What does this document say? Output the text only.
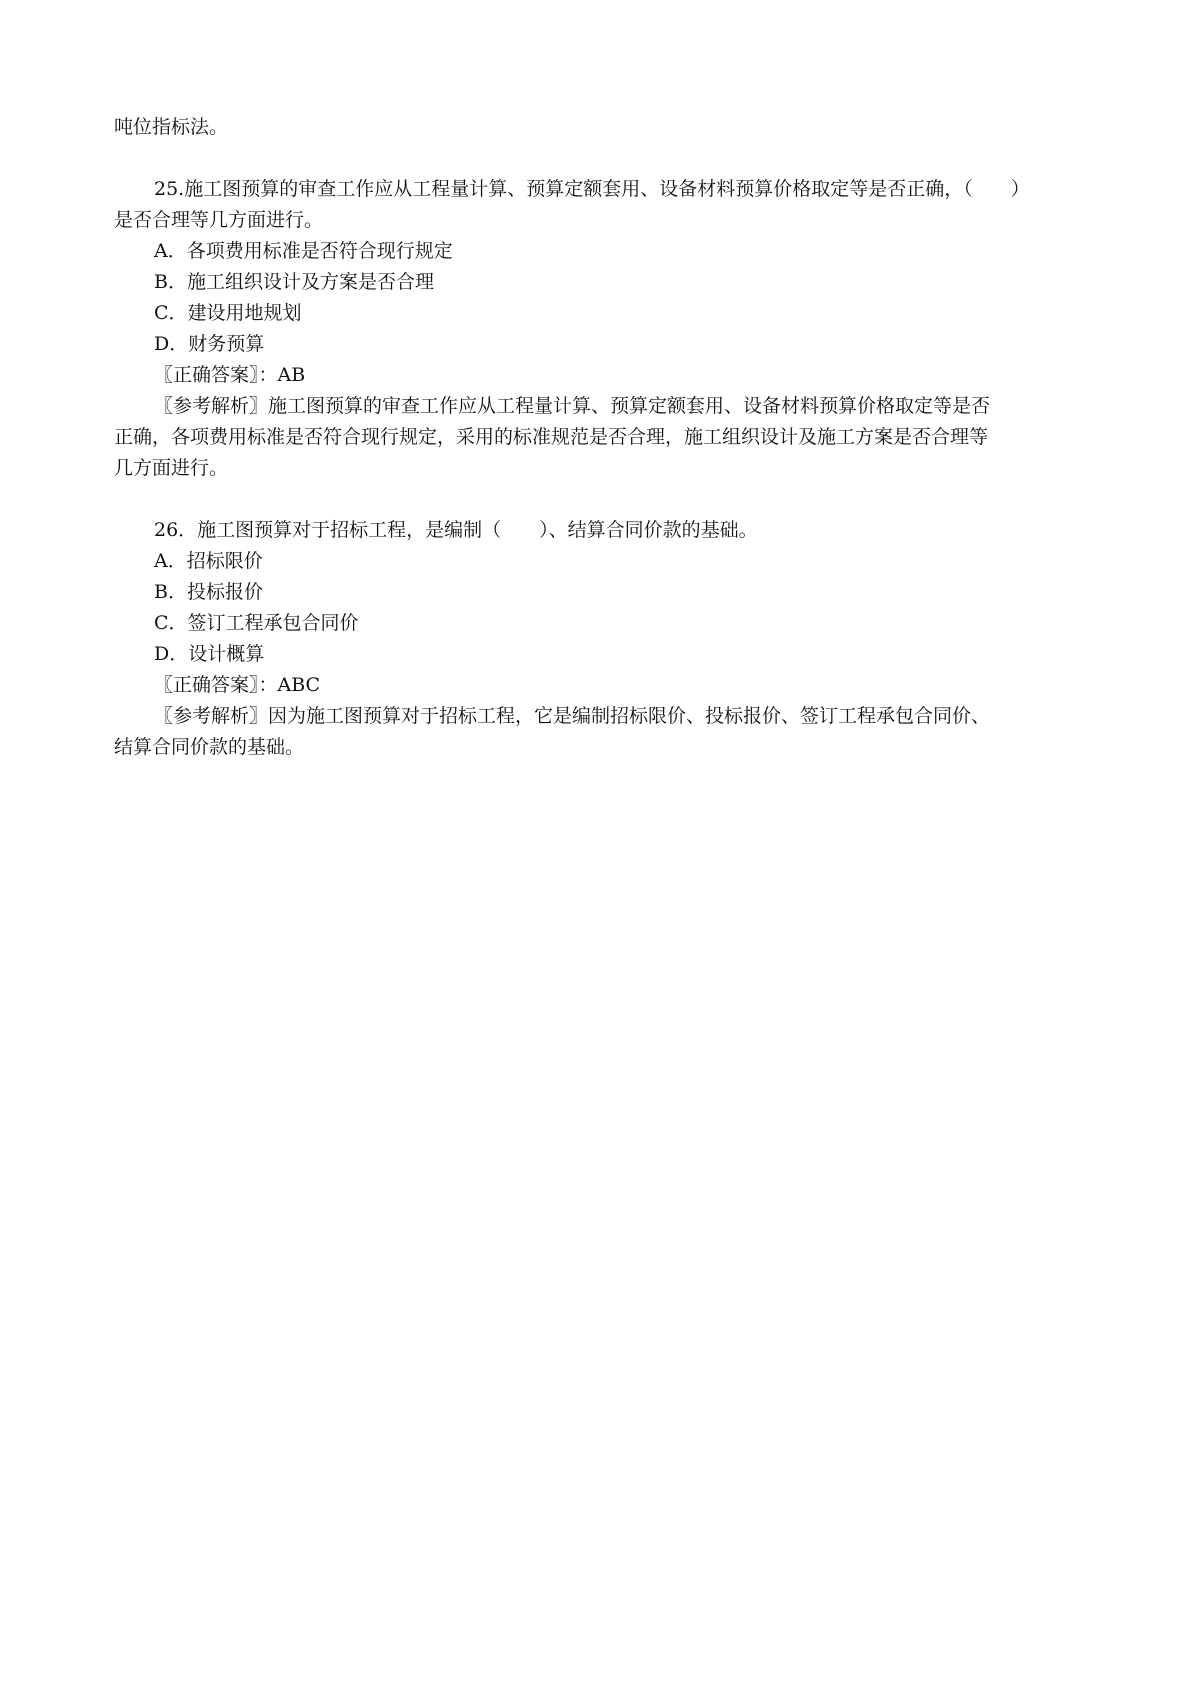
吨位指标法。
25.施工图预算的审查工作应从工程量计算、预算定额套用、设备材料预算价格取定等是否正确，（　　）
是否合理等几方面进行。
A．各项费用标准是否符合现行规定
B．施工组织设计及方案是否合理
C．建设用地规划
D．财务预算
〖正确答案〗：AB
〖参考解析〗施工图预算的审查工作应从工程量计算、预算定额套用、设备材料预算价格取定等是否
正确，各项费用标准是否符合现行规定，采用的标准规范是否合理，施工组织设计及施工方案是否合理等
几方面进行。
26．施工图预算对于招标工程，是编制（　　）、结算合同价款的基础。
A．招标限价
B．投标报价
C．签订工程承包合同价
D．设计概算
〖正确答案〗：ABC
〖参考解析〗因为施工图预算对于招标工程，它是编制招标限价、投标报价、签订工程承包合同价、
结算合同价款的基础。
